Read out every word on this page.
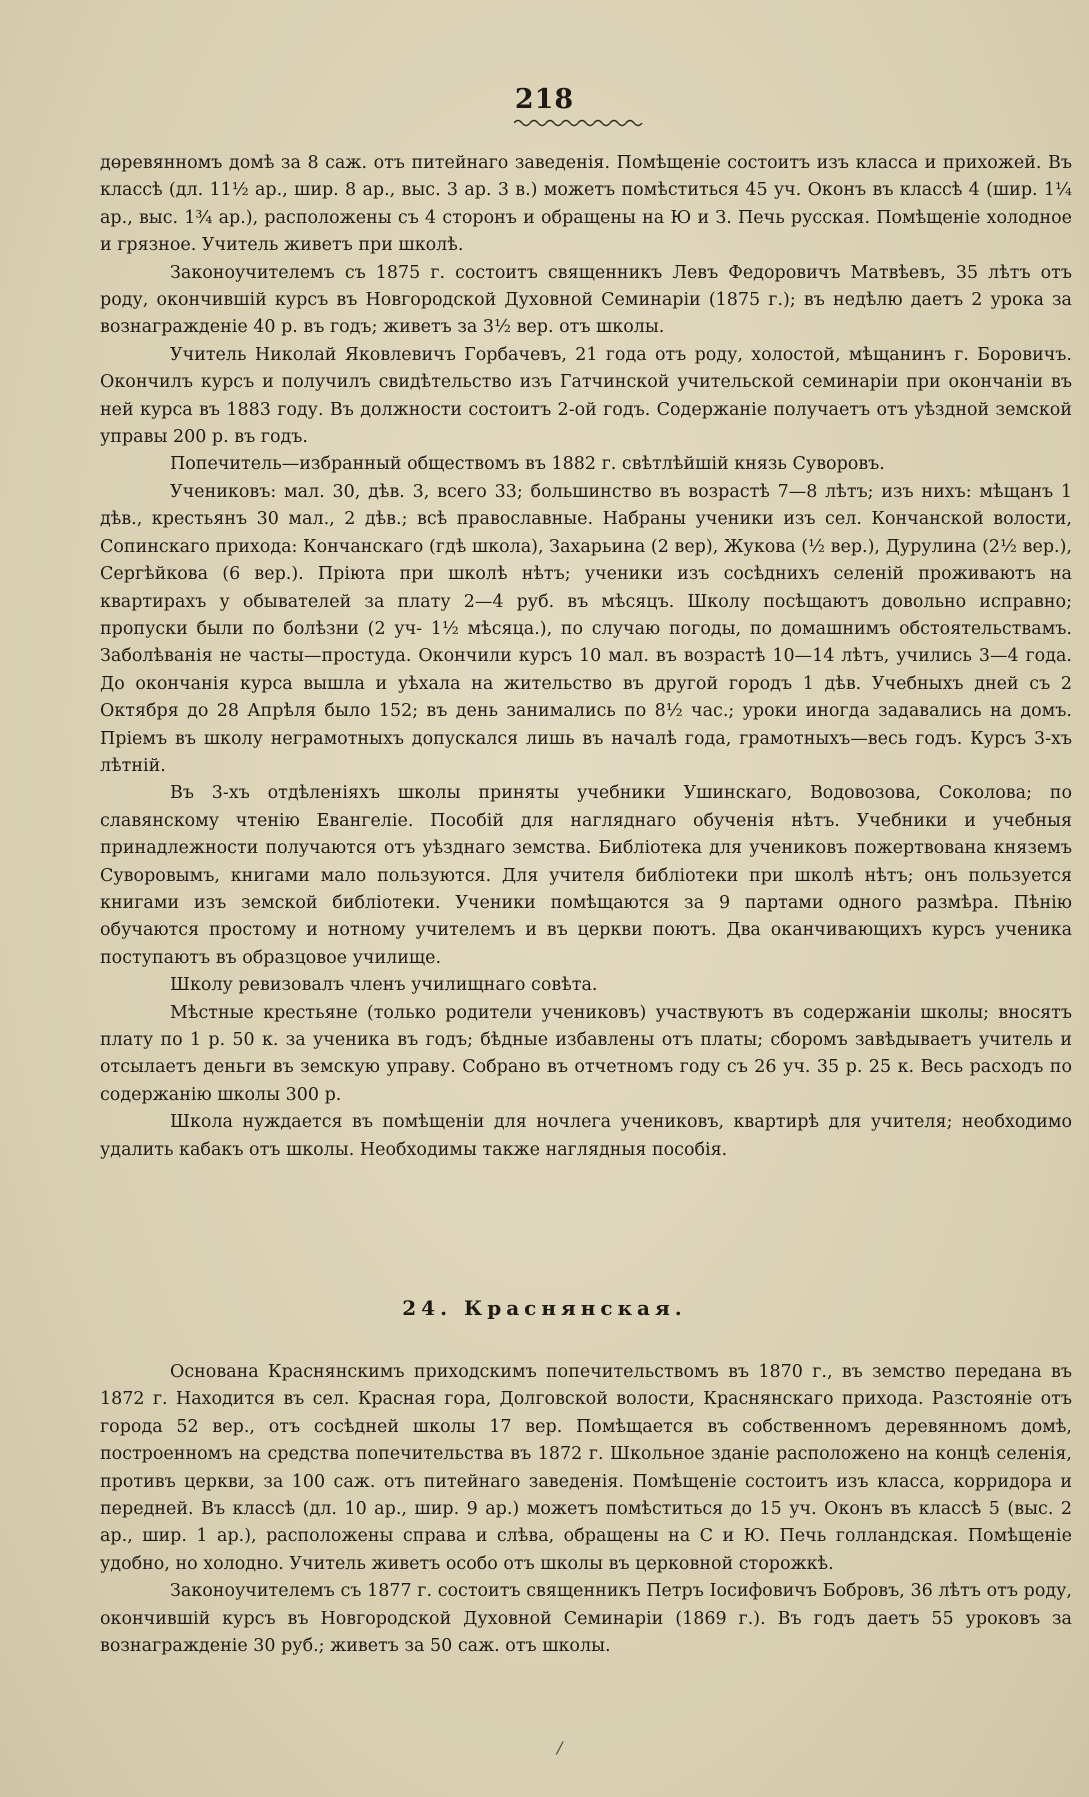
218

дөревянномъ домѣ за 8 саж. отъ питейнаго заведенія. Помѣщеніе состоитъ изъ класса и прихожей. Въ классѣ (дл. 11½ ар., шир. 8 ар., выс. 3 ар. 3 в.) можетъ помѣститься 45 уч. Оконъ въ классѣ 4 (шир. 1¼ ар., выс. 1¾ ар.), расположены съ 4 сторонъ и обращены на Ю и З. Печь русская. Помѣщеніе холодное и грязное. Учитель живетъ при школѣ.

Законоучителемъ съ 1875 г. состоитъ священникъ Левъ Федоровичъ Матвѣевъ, 35 лѣтъ отъ роду, окончившій курсъ въ Новгородской Духовной Семинаріи (1875 г.); въ недѣлю даетъ 2 урока за вознагражденіе 40 р. въ годъ; живетъ за 3½ вер. отъ школы.

Учитель Николай Яковлевичъ Горбачевъ, 21 года отъ роду, холостой, мѣщанинъ г. Боровичъ. Окончилъ курсъ и получилъ свидѣтельство изъ Гатчинской учительской семинаріи при окончаніи въ ней курса въ 1883 году. Въ должности состоитъ 2-ой годъ. Содержаніе получаетъ отъ уѣздной земской управы 200 р. въ годъ.

Попечитель—избранный обществомъ въ 1882 г. свѣтлѣйшій князь Суворовъ.

Учениковъ: мал. 30, дѣв. 3, всего 33; большинство въ возрастѣ 7—8 лѣтъ; изъ нихъ: мѣщанъ 1 дѣв., крестьянъ 30 мал., 2 дѣв.; всѣ православные. Набраны ученики изъ сел. Кончанской волости, Сопинскаго прихода: Кончанскаго (гдѣ школа), Захарьина (2 вер), Жукова (½ вер.), Дурулина (2½ вер.), Сергѣйкова (6 вер.). Пріюта при школѣ нѣтъ; ученики изъ сосѣднихъ селеній проживаютъ на квартирахъ у обывателей за плату 2—4 руб. въ мѣсяцъ. Школу посѣщаютъ довольно исправно; пропуски были по болѣзни (2 уч- 1½ мѣсяца.), по случаю погоды, по домашнимъ обстоятельствамъ. Заболѣванія не часты—простуда. Окончили курсъ 10 мал. въ возрастѣ 10—14 лѣтъ, учились 3—4 года. До окончанія курса вышла и уѣхала на жительство въ другой городъ 1 дѣв. Учебныхъ дней съ 2 Октября до 28 Апрѣля было 152; въ день занимались по 8½ час.; уроки иногда задавались на домъ. Пріемъ въ школу неграмотныхъ допускался лишь въ началѣ года, грамотныхъ—весь годъ. Курсъ 3-хъ лѣтній.

Въ 3-хъ отдѣленіяхъ школы приняты учебники Ушинскаго, Водовозова, Соколова; по славянскому чтенію Евангеліе. Пособій для нагляднаго обученія нѣтъ. Учебники и учебныя принадлежности получаются отъ уѣзднаго земства. Библіотека для учениковъ пожертвована княземъ Суворовымъ, книгами мало пользуются. Для учителя библіотеки при школѣ нѣтъ; онъ пользуется книгами изъ земской библіотеки. Ученики помѣщаются за 9 партами одного размѣра. Пѣнію обучаются простому и нотному учителемъ и въ церкви поютъ. Два оканчивающихъ курсъ ученика поступаютъ въ образцовое училище.

Школу ревизовалъ членъ училищнаго совѣта.

Мѣстные крестьяне (только родители учениковъ) участвуютъ въ содержаніи школы; вносятъ плату по 1 р. 50 к. за ученика въ годъ; бѣдные избавлены отъ платы; сборомъ завѣдываетъ учитель и отсылаетъ деньги въ земскую управу. Собрано въ отчетномъ году съ 26 уч. 35 р. 25 к. Весь расходъ по содержанію школы 300 р.

Школа нуждается въ помѣщеніи для ночлега учениковъ, квартирѣ для учителя; необходимо удалить кабакъ отъ школы. Необходимы также наглядныя пособія.

24. Краснянская.

Основана Краснянскимъ приходскимъ попечительствомъ въ 1870 г., въ земство передана въ 1872 г. Находится въ сел. Красная гора, Долговской волости, Краснянскаго прихода. Разстояніе отъ города 52 вер., отъ сосѣдней школы 17 вер. Помѣщается въ собственномъ деревянномъ домѣ, построенномъ на средства попечительства въ 1872 г. Школьное зданіе расположено на концѣ селенія, противъ церкви, за 100 саж. отъ питейнаго заведенія. Помѣщеніе состоитъ изъ класса, корридора и передней. Въ классѣ (дл. 10 ар., шир. 9 ар.) можетъ помѣститься до 15 уч. Оконъ въ классѣ 5 (выс. 2 ар., шир. 1 ар.), расположены справа и слѣва, обращены на С и Ю. Печь голландская. Помѣщеніе удобно, но холодно. Учитель живетъ особо отъ школы въ церковной сторожкѣ.

Законоучителемъ съ 1877 г. состоитъ священникъ Петръ Іосифовичъ Бобровъ, 36 лѣтъ отъ роду, окончившій курсъ въ Новгородской Духовной Семинаріи (1869 г.). Въ годъ даетъ 55 уроковъ за вознагражденіе 30 руб.; живетъ за 50 саж. отъ школы.

/
